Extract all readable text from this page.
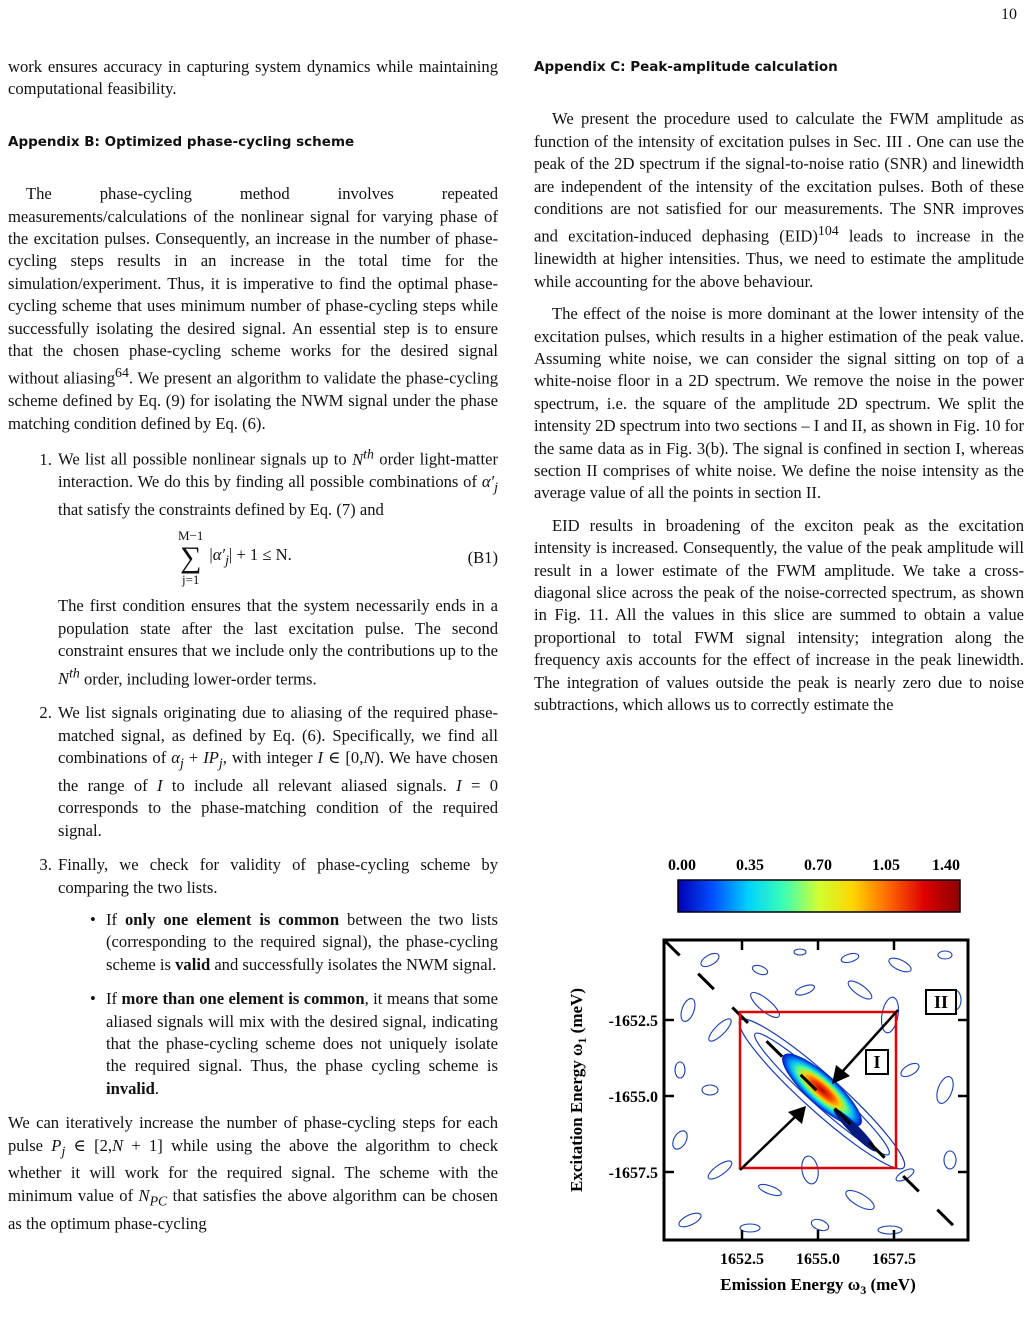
10

work ensures accuracy in capturing system dynamics while maintaining computational feasibility.

Appendix B: Optimized phase-cycling scheme

The phase-cycling method involves repeated measurements/calculations of the nonlinear signal for varying phase of the excitation pulses. Consequently, an increase in the number of phase-cycling steps results in an increase in the total time for the simulation/experiment. Thus, it is imperative to find the optimal phase-cycling scheme that uses minimum number of phase-cycling steps while successfully isolating the desired signal. An essential step is to ensure that the chosen phase-cycling scheme works for the desired signal without aliasing$^{64}$. We present an algorithm to validate the phase-cycling scheme defined by Eq. (9) for isolating the NWM signal under the phase matching condition defined by Eq. (6).

1. We list all possible nonlinear signals up to $N^{th}$ order light-matter interaction. We do this by finding all possible combinations of $\alpha'_j$ that satisfy the constraints defined by Eq. (7) and

M−1
∑
j=1
$|\alpha'_j| + 1 \le N$.	(B1)

The first condition ensures that the system necessarily ends in a population state after the last excitation pulse. The second constraint ensures that we include only the contributions up to the $N^{th}$ order, including lower-order terms.

2. We list signals originating due to aliasing of the required phase-matched signal, as defined by Eq. (6). Specifically, we find all combinations of $\alpha_j + IP_j$, with integer I ∈ [0,N). We have chosen the range of I to include all relevant aliased signals. I = 0 corresponds to the phase-matching condition of the required signal.

3. Finally, we check for validity of phase-cycling scheme by comparing the two lists.

• If only one element is common between the two lists (corresponding to the required signal), the phase-cycling scheme is valid and successfully isolates the NWM signal.
• If more than one element is common, it means that some aliased signals will mix with the desired signal, indicating that the phase-cycling scheme does not uniquely isolate the required signal. Thus, the phase cycling scheme is invalid.

We can iteratively increase the number of phase-cycling steps for each pulse $P_j$ ∈ [2,N + 1] while using the above the algorithm to check whether it will work for the required signal. The scheme with the minimum value of $N_{PC}$ that satisfies the above algorithm can be chosen as the optimum phase-cycling

Appendix C: Peak-amplitude calculation

We present the procedure used to calculate the FWM amplitude as function of the intensity of excitation pulses in Sec. III . One can use the peak of the 2D spectrum if the signal-to-noise ratio (SNR) and linewidth are independent of the intensity of the excitation pulses. Both of these conditions are not satisfied for our measurements. The SNR improves and excitation-induced dephasing (EID)$^{104}$ leads to increase in the linewidth at higher intensities. Thus, we need to estimate the amplitude while accounting for the above behaviour.

The effect of the noise is more dominant at the lower intensity of the excitation pulses, which results in a higher estimation of the peak value. Assuming white noise, we can consider the signal sitting on top of a white-noise floor in a 2D spectrum. We remove the noise in the power spectrum, i.e. the square of the amplitude 2D spectrum. We split the intensity 2D spectrum into two sections – I and II, as shown in Fig. 10 for the same data as in Fig. 3(b). The signal is confined in section I, whereas section II comprises of white noise. We define the noise intensity as the average value of all the points in section II.

EID results in broadening of the exciton peak as the excitation intensity is increased. Consequently, the value of the peak amplitude will result in a lower estimate of the FWM amplitude. We take a cross-diagonal slice across the peak of the noise-corrected spectrum, as shown in Fig. 11. All the values in this slice are summed to obtain a value proportional to total FWM signal intensity; integration along the frequency axis accounts for the effect of increase in the peak linewidth. The integration of values outside the peak is nearly zero due to noise subtractions, which allows us to correctly estimate the

0.00	0.35	0.70	1.05 1.40
I
II
-1652.5
-1655.0
-1657.5
1652.5 1655.0 1657.5
Emission Energy $\omega_3$ (meV)
Excitation Energy $\omega_1$ (meV)
